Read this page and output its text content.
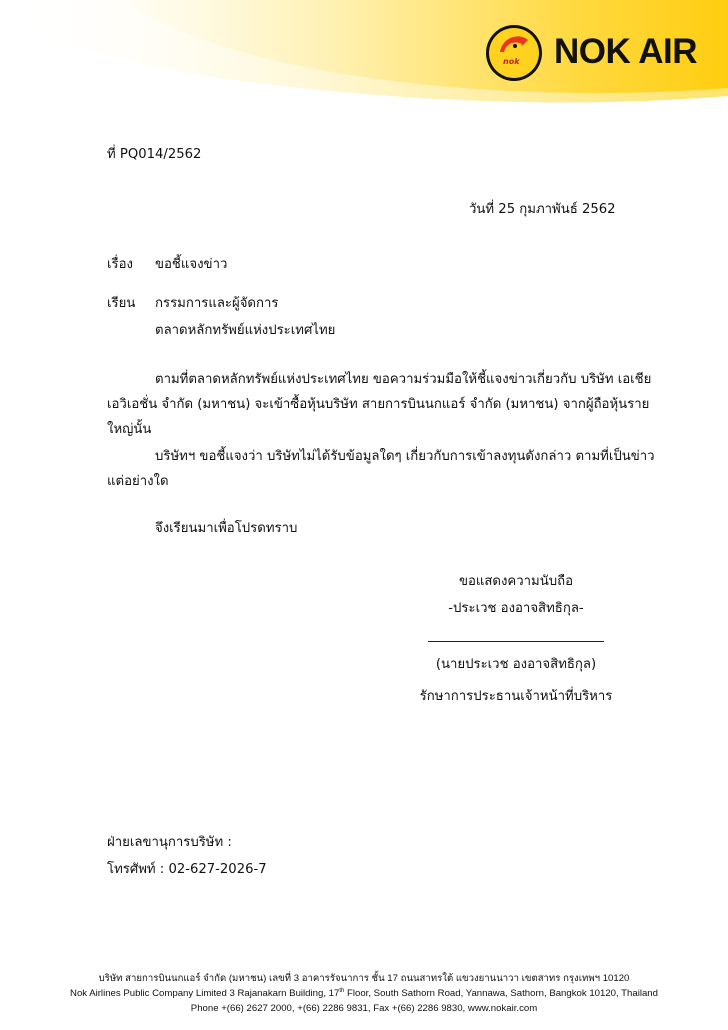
nok NOK AIR
ที่ PQ014/2562
วันที่ 25 กุมภาพันธ์ 2562
เรื่อง ขอชี้แจงข่าว
เรียน กรรมการและผู้จัดการ
ตลาดหลักทรัพย์แห่งประเทศไทย
ตามที่ตลาดหลักทรัพย์แห่งประเทศไทย ขอความร่วมมือให้ชี้แจงข่าวเกี่ยวกับ บริษัท เอเชีย เอวิเอชั่น จำกัด (มหาชน) จะเข้าซื้อหุ้นบริษัท สายการบินนกแอร์ จำกัด (มหาชน) จากผู้ถือหุ้นรายใหญ่นั้น
บริษัทฯ ขอชี้แจงว่า บริษัทไม่ได้รับข้อมูลใดๆ เกี่ยวกับการเข้าลงทุนดังกล่าว ตามที่เป็นข่าวแต่อย่างใด
จึงเรียนมาเพื่อโปรดทราบ
ขอแสดงความนับถือ
-ประเวช องอาจสิทธิกุล-
(นายประเวช องอาจสิทธิกุล)
รักษาการประธานเจ้าหน้าที่บริหาร
ฝ่ายเลขานุการบริษัท :
โทรศัพท์ : 02-627-2026-7
บริษัท สายการบินนกแอร์ จำกัด (มหาชน) เลขที่ 3 อาคารรัจนาการ ชั้น 17 ถนนสาทรใต้ แขวงยานนาวา เขตสาทร กรุงเทพฯ 10120
Nok Airlines Public Company Limited 3 Rajanakarn Building, 17th Floor, South Sathorn Road, Yannawa, Sathorn, Bangkok 10120, Thailand
Phone +(66) 2627 2000, +(66) 2286 9831, Fax +(66) 2286 9830, www.nokair.com
